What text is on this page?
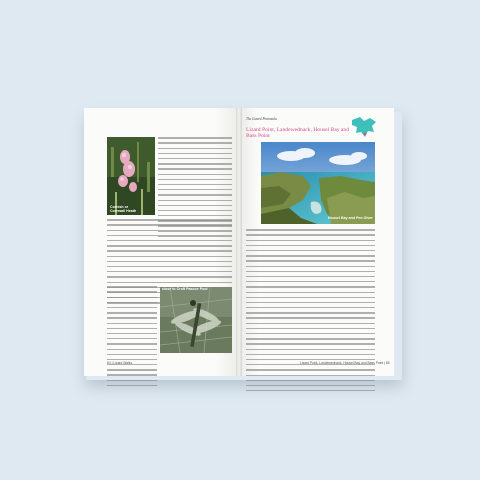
Cornish or Cornwall Heath
Dragonflies and damselflies are found close to Croft Pascoe Pool
84 | Lizard Walks
The Lizard Peninsula
Lizard Point, Landewednack, Housel Bay and Bass Point
Housel Bay and Pen Olver
Lizard Point, Landewednack, Housel Bay and Bass Point | 85
